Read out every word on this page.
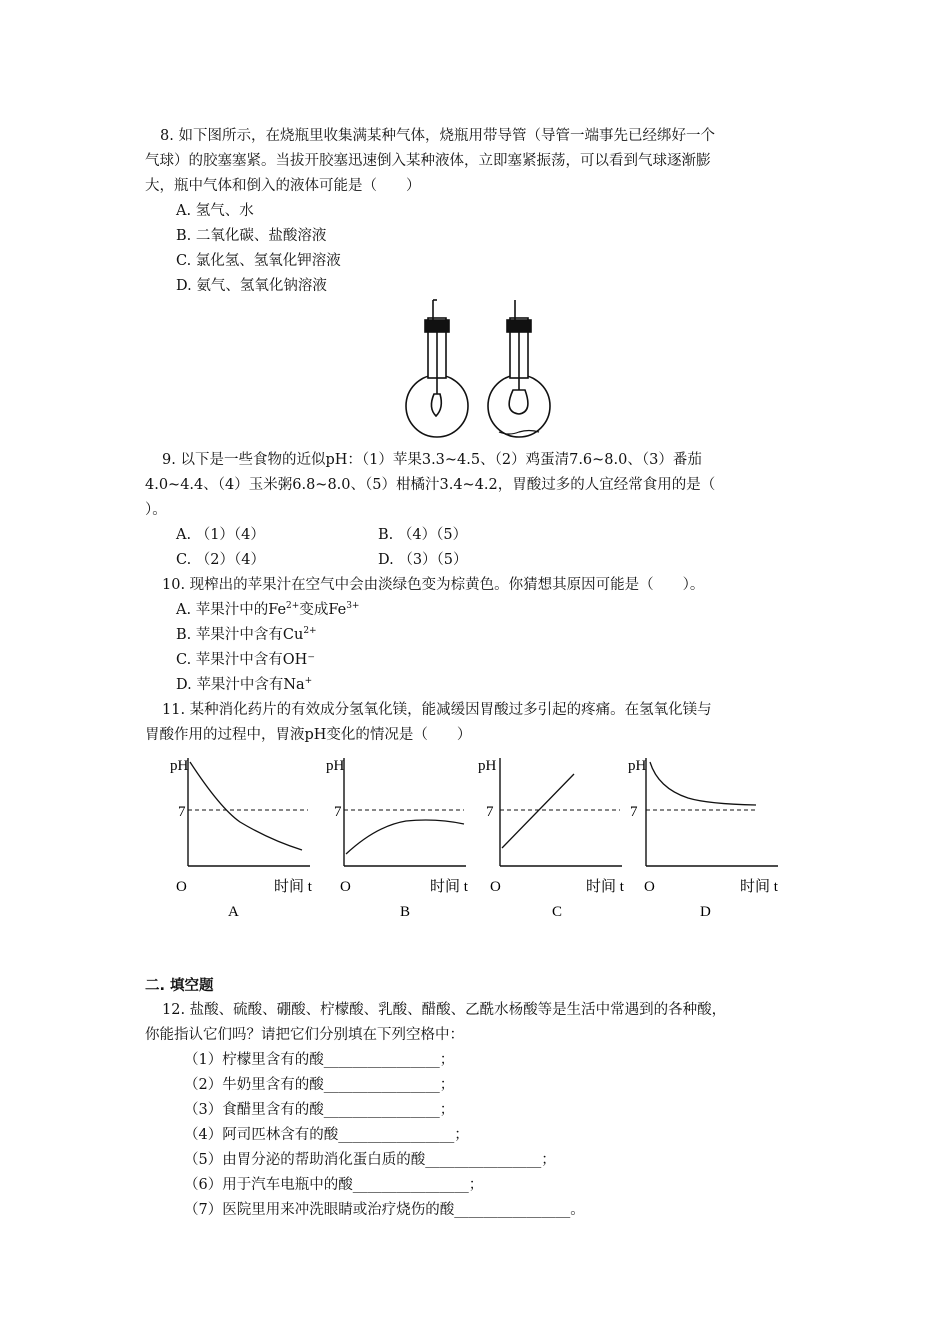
8. 如下图所示，在烧瓶里收集满某种气体，烧瓶用带导管（导管一端事先已经绑好一个
气球）的胶塞塞紧。当拔开胶塞迅速倒入某种液体，立即塞紧振荡，可以看到气球逐渐膨
大，瓶中气体和倒入的液体可能是（　　）
A. 氢气、水
B. 二氧化碳、盐酸溶液
C. 氯化氢、氢氧化钾溶液
D. 氨气、氢氧化钠溶液
9. 以下是一些食物的近似pH：（1）苹果3.3~4.5、（2）鸡蛋清7.6~8.0、（3）番茄
4.0~4.4、（4）玉米粥6.8~8.0、（5）柑橘汁3.4~4.2，胃酸过多的人宜经常食用的是（
）。
A. （1）（4）	B. （4）（5）
C. （2）（4）	D. （3）（5）
10. 现榨出的苹果汁在空气中会由淡绿色变为棕黄色。你猜想其原因可能是（　　）。
A. 苹果汁中的$Fe^{2+}$变成$Fe^{3+}$
B. 苹果汁中含有$Cu^{2+}$
C. 苹果汁中含有OH⁻
D. 苹果汁中含有Na+
11. 某种消化药片的有效成分氢氧化镁，能减缓因胃酸过多引起的疼痛。在氢氧化镁与
胃酸作用的过程中，胃液pH变化的情况是（　　）
pH
7
O	时间 t
A
pH
7
O	时间 t
B
pH
7
O	时间 t
C
pH
7
O	时间 t
D
二. 填空题
12. 盐酸、硫酸、硼酸、柠檬酸、乳酸、醋酸、乙酰水杨酸等是生活中常遇到的各种酸，
你能指认它们吗？请把它们分别填在下列空格中：
（1）柠檬里含有的酸________________；
（2）牛奶里含有的酸________________；
（3）食醋里含有的酸________________；
（4）阿司匹林含有的酸________________；
（5）由胃分泌的帮助消化蛋白质的酸________________；
（6）用于汽车电瓶中的酸________________；
（7）医院里用来冲洗眼睛或治疗烧伤的酸________________。
